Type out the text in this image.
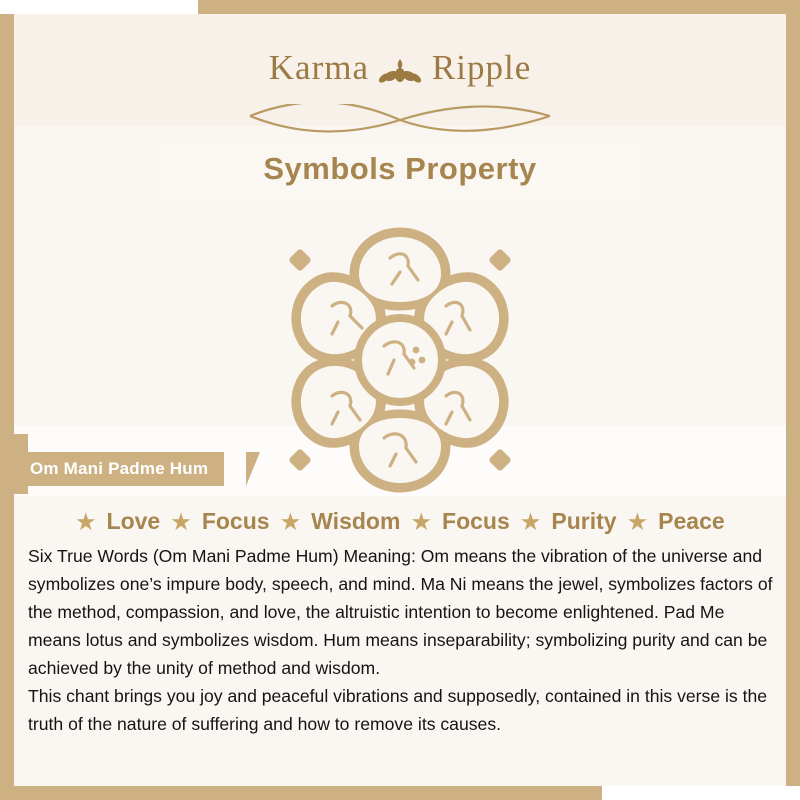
Karma Ripple
Symbols Property
Om Mani Padme Hum
★ Love ★ Focus ★ Wisdom ★ Focus ★ Purity ★ Peace

Six True Words (Om Mani Padme Hum) Meaning: Om means the vibration of the universe and symbolizes one’s impure body, speech, and mind. Ma Ni means the jewel, symbolizes factors of the method, compassion, and love, the altruistic intention to become enlightened. Pad Me means lotus and symbolizes wisdom. Hum means inseparability; symbolizing purity and can be achieved by the unity of method and wisdom.

This chant brings you joy and peaceful vibrations and supposedly, contained in this verse is the truth of the nature of suffering and how to remove its causes.
